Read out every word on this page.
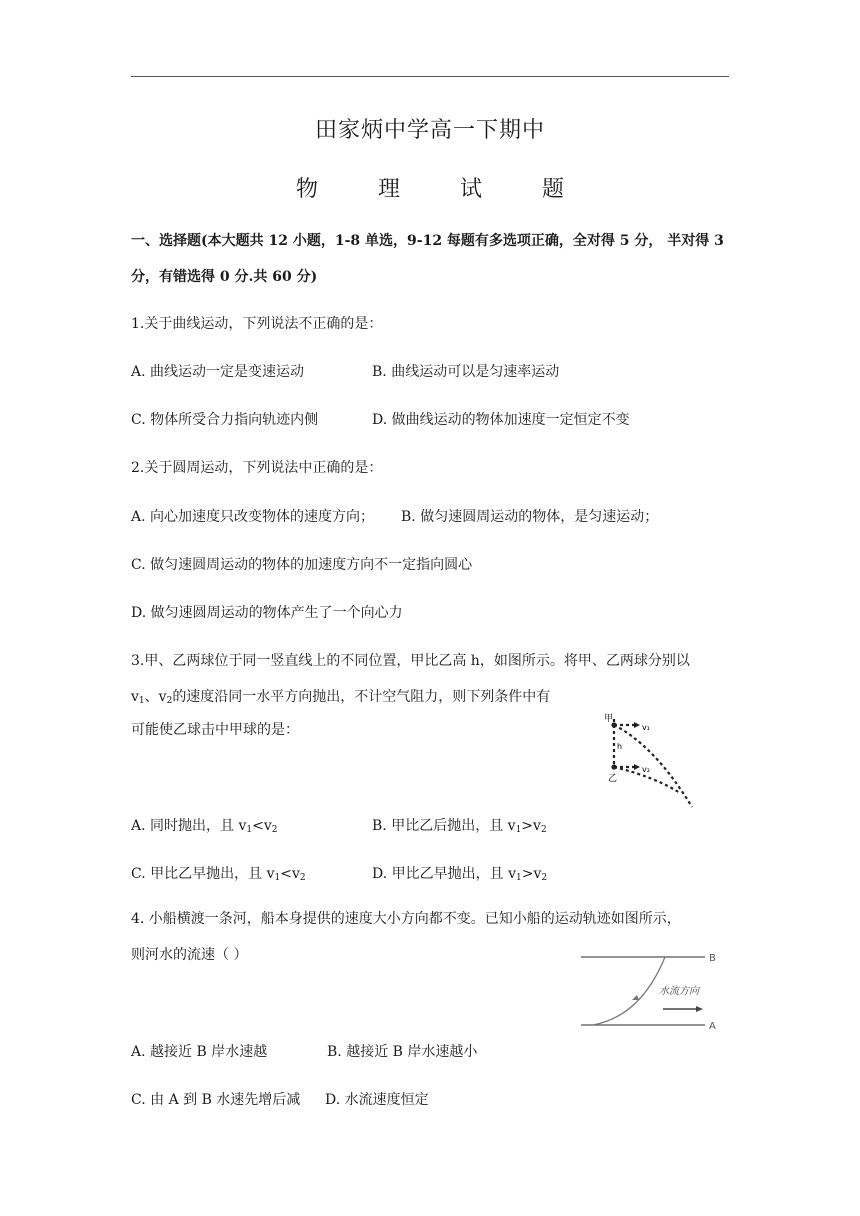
田家炳中学高一下期中
物	理	试	题
一、选择题(本大题共 12 小题，1-8 单选，9-12 每题有多选项正确，全对得 5 分， 半对得 3
分，有错选得 0 分.共 60 分)
1.关于曲线运动，下列说法不正确的是：
A. 曲线运动一定是变速运动	B. 曲线运动可以是匀速率运动
C. 物体所受合力指向轨迹内侧	D. 做曲线运动的物体加速度一定恒定不变
2.关于圆周运动，下列说法中正确的是：
A. 向心加速度只改变物体的速度方向； B. 做匀速圆周运动的物体，是匀速运动；
C. 做匀速圆周运动的物体的加速度方向不一定指向圆心
D. 做匀速圆周运动的物体产生了一个向心力
3.甲、乙两球位于同一竖直线上的不同位置，甲比乙高 h，如图所示。将甲、乙两球分别以
$v_1$、$v_2$的速度沿同一水平方向抛出，不计空气阻力，则下列条件中有
可能使乙球击中甲球的是：
甲
乙
h
v₁
v₂
A. 同时抛出，且 $v_1<v_2$	B. 甲比乙后抛出，且 $v_1>v_2$
C. 甲比乙早抛出，且 $v_1<v_2$	D. 甲比乙早抛出，且 $v_1>v_2$
4. 小船横渡一条河，船本身提供的速度大小方向都不变。已知小船的运动轨迹如图所示，
则河水的流速（ ）
水流方向
B
A
A. 越接近 B 岸水速越	B. 越接近 B 岸水速越小
C. 由 A 到 B 水速先增后减 D. 水流速度恒定
